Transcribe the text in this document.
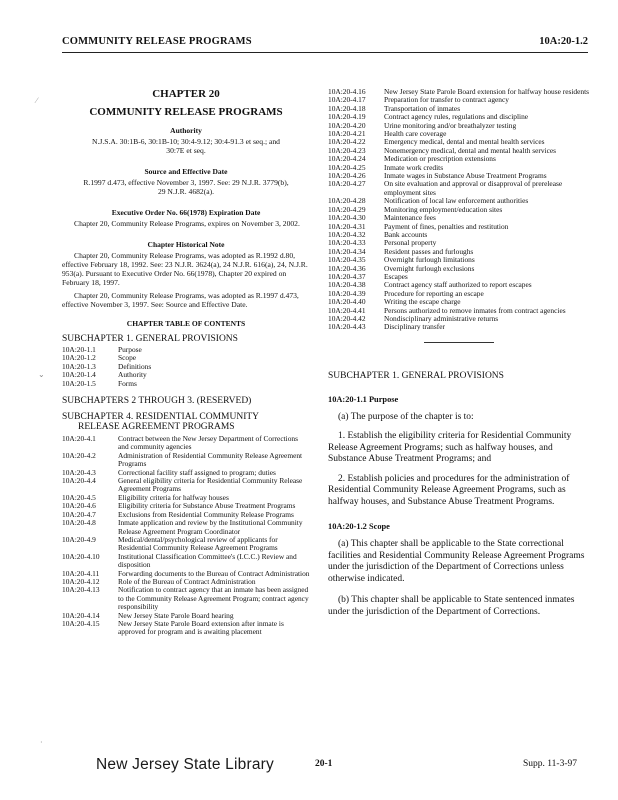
COMMUNITY RELEASE PROGRAMS	10A:20-1.2
⁄
⌄
·

CHAPTER 20

COMMUNITY RELEASE PROGRAMS

Authority

N.J.S.A. 30:1B-6, 30:1B-10; 30:4-9.12; 30:4-91.3 et seq.; and 30:7E et seq.

Source and Effective Date

R.1997 d.473, effective November 3, 1997. See: 29 N.J.R. 3779(b), 29 N.J.R. 4682(a).

Executive Order No. 66(1978) Expiration Date

Chapter 20, Community Release Programs, expires on November 3, 2002.

Chapter Historical Note

Chapter 20, Community Release Programs, was adopted as R.1992 d.80, effective February 18, 1992. See: 23 N.J.R. 3624(a), 24 N.J.R. 616(a), 24, N.J.R. 953(a). Pursuant to Executive Order No. 66(1978), Chapter 20 expired on February 18, 1997.

Chapter 20, Community Release Programs, was adopted as R.1997 d.473, effective November 3, 1997. See: Source and Effective Date.

CHAPTER TABLE OF CONTENTS

SUBCHAPTER 1. GENERAL PROVISIONS

10A:20-1.1	Purpose
10A:20-1.2	Scope
10A:20-1.3	Definitions
10A:20-1.4	Authority
10A:20-1.5	Forms

SUBCHAPTERS 2 THROUGH 3. (RESERVED)

SUBCHAPTER 4. RESIDENTIAL COMMUNITY

RELEASE AGREEMENT PROGRAMS

10A:20-4.1	Contract between the New Jersey Department of Corrections and community agencies
10A:20-4.2	Administration of Residential Community Release Agreement Programs
10A:20-4.3	Correctional facility staff assigned to program; duties
10A:20-4.4	General eligibility criteria for Residential Community Release Agreement Programs
10A:20-4.5	Eligibility criteria for halfway houses
10A:20-4.6	Eligibility criteria for Substance Abuse Treatment Programs
10A:20-4.7	Exclusions from Residential Community Release Programs
10A:20-4.8	Inmate application and review by the Institutional Community Release Agreement Program Coordinator
10A:20-4.9	Medical/dental/psychological review of applicants for Residential Community Release Agreement Programs
10A:20-4.10	Institutional Classification Committee's (I.C.C.) Review and disposition
10A:20-4.11	Forwarding documents to the Bureau of Contract Administration
10A:20-4.12	Role of the Bureau of Contract Administration
10A:20-4.13	Notification to contract agency that an inmate has been assigned to the Community Release Agreement Program; contract agency responsibility
10A:20-4.14	New Jersey State Parole Board hearing
10A:20-4.15	New Jersey State Parole Board extension after inmate is approved for program and is awaiting placement
10A:20-4.16	New Jersey State Parole Board extension for halfway house residents
10A:20-4.17	Preparation for transfer to contract agency
10A:20-4.18	Transportation of inmates
10A:20-4.19	Contract agency rules, regulations and discipline
10A:20-4.20	Urine monitoring and/or breathalyzer testing
10A:20-4.21	Health care coverage
10A:20-4.22	Emergency medical, dental and mental health services
10A:20-4.23	Nonemergency medical, dental and mental health services
10A:20-4.24	Medication or prescription extensions
10A:20-4.25	Inmate work credits
10A:20-4.26	Inmate wages in Substance Abuse Treatment Programs
10A:20-4.27	On site evaluation and approval or disapproval of prerelease employment sites
10A:20-4.28	Notification of local law enforcement authorities
10A:20-4.29	Monitoring employment/education sites
10A:20-4.30	Maintenance fees
10A:20-4.31	Payment of fines, penalties and restitution
10A:20-4.32	Bank accounts
10A:20-4.33	Personal property
10A:20-4.34	Resident passes and furloughs
10A:20-4.35	Overnight furlough limitations
10A:20-4.36	Overnight furlough exclusions
10A:20-4.37	Escapes
10A:20-4.38	Contract agency staff authorized to report escapes
10A:20-4.39	Procedure for reporting an escape
10A:20-4.40	Writing the escape charge
10A:20-4.41	Persons authorized to remove inmates from contract agencies
10A:20-4.42	Nondisciplinary administrative returns
10A:20-4.43	Disciplinary transfer

SUBCHAPTER 1. GENERAL PROVISIONS

10A:20-1.1 Purpose

(a) The purpose of the chapter is to:

1. Establish the eligibility criteria for Residential Community Release Agreement Programs; such as halfway houses, and Substance Abuse Treatment Programs; and

2. Establish policies and procedures for the administration of Residential Community Release Agreement Programs, such as halfway houses, and Substance Abuse Treatment Programs.

10A:20-1.2 Scope

(a) This chapter shall be applicable to the State correctional facilities and Residential Community Release Agreement Programs under the jurisdiction of the Department of Corrections unless otherwise indicated.

(b) This chapter shall be applicable to State sentenced inmates under the jurisdiction of the Department of Corrections.

New Jersey State Library	20-1	Supp. 11-3-97
